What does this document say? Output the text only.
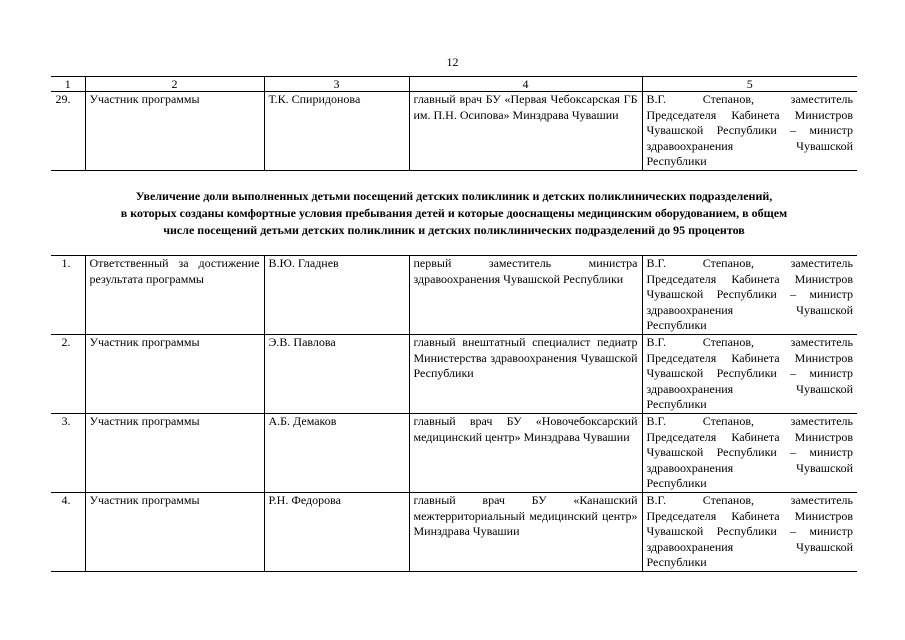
12
1	2	3	4	5
29.	Участник программы	Т.К. Спиридонова	главный врач БУ «Первая Чебоксарская ГБ им. П.Н. Осипова» Минздрава Чувашии	В.Г. Степанов, заместитель Председателя Кабинета Министров Чувашской Республики – министр здравоохранения Чувашской Республики
Увеличение доли выполненных детьми посещений детских поликлиник и детских поликлинических подразделений,
в которых созданы комфортные условия пребывания детей и которые дооснащены медицинским оборудованием, в общем
числе посещений детьми детских поликлиник и детских поликлинических подразделений до 95 процентов
1.	Ответственный за достижение результата программы	В.Ю. Гладнев	первый заместитель министра здравоохранения Чувашской Республики	В.Г. Степанов, заместитель Председателя Кабинета Министров Чувашской Республики – министр здравоохранения Чувашской Республики
2.	Участник программы	Э.В. Павлова	главный внештатный специалист педиатр Министерства здравоохранения Чувашской Республики	В.Г. Степанов, заместитель Председателя Кабинета Министров Чувашской Республики – министр здравоохранения Чувашской Республики
3.	Участник программы	А.Б. Демаков	главный врач БУ «Новочебоксарский медицинский центр» Минздрава Чувашии	В.Г. Степанов, заместитель Председателя Кабинета Министров Чувашской Республики – министр здравоохранения Чувашской Республики
4.	Участник программы	Р.Н. Федорова	главный врач БУ «Канашский межтерриториальный медицинский центр» Минздрава Чувашии	В.Г. Степанов, заместитель Председателя Кабинета Министров Чувашской Республики – министр здравоохранения Чувашской Республики
